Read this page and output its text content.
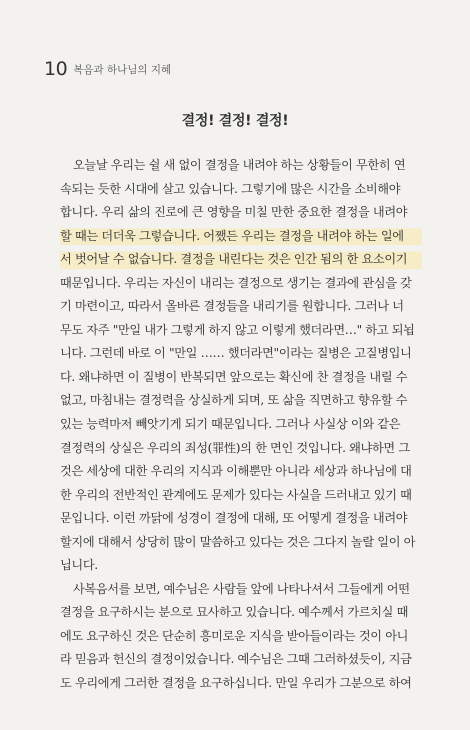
10 복음과 하나님의 지혜
결정! 결정! 결정!
오늘날 우리는 쉴 새 없이 결정을 내려야 하는 상황들이 무한히 연
속되는 듯한 시대에 살고 있습니다. 그렇기에 많은 시간을 소비해야
합니다. 우리 삶의 진로에 큰 영향을 미칠 만한 중요한 결정을 내려야
할 때는 더더욱 그렇습니다. 어쨌든 우리는 결정을 내려야 하는 일에
서 벗어날 수 없습니다. 결정을 내린다는 것은 인간 됨의 한 요소이기
때문입니다. 우리는 자신이 내리는 결정으로 생기는 결과에 관심을 갖
기 마련이고, 따라서 올바른 결정들을 내리기를 원합니다. 그러나 너
무도 자주 "만일 내가 그렇게 하지 않고 이렇게 했더라면…" 하고 되뇝
니다. 그런데 바로 이 "만일 …… 했더라면"이라는 질병은 고질병입니
다. 왜냐하면 이 질병이 반복되면 앞으로는 확신에 찬 결정을 내릴 수
없고, 마침내는 결정력을 상실하게 되며, 또 삶을 직면하고 향유할 수
있는 능력마저 빼앗기게 되기 때문입니다. 그러나 사실상 이와 같은
결정력의 상실은 우리의 죄성(罪性)의 한 면인 것입니다. 왜냐하면 그
것은 세상에 대한 우리의 지식과 이해뿐만 아니라 세상과 하나님에 대
한 우리의 전반적인 관계에도 문제가 있다는 사실을 드러내고 있기 때
문입니다. 이런 까닭에 성경이 결정에 대해, 또 어떻게 결정을 내려야
할지에 대해서 상당히 많이 말씀하고 있다는 것은 그다지 놀랄 일이 아
닙니다.
사복음서를 보면, 예수님은 사람들 앞에 나타나셔서 그들에게 어떤
결정을 요구하시는 분으로 묘사하고 있습니다. 예수께서 가르치실 때
에도 요구하신 것은 단순히 흥미로운 지식을 받아들이라는 것이 아니
라 믿음과 헌신의 결정이었습니다. 예수님은 그때 그러하셨듯이, 지금
도 우리에게 그러한 결정을 요구하십니다. 만일 우리가 그분으로 하여
